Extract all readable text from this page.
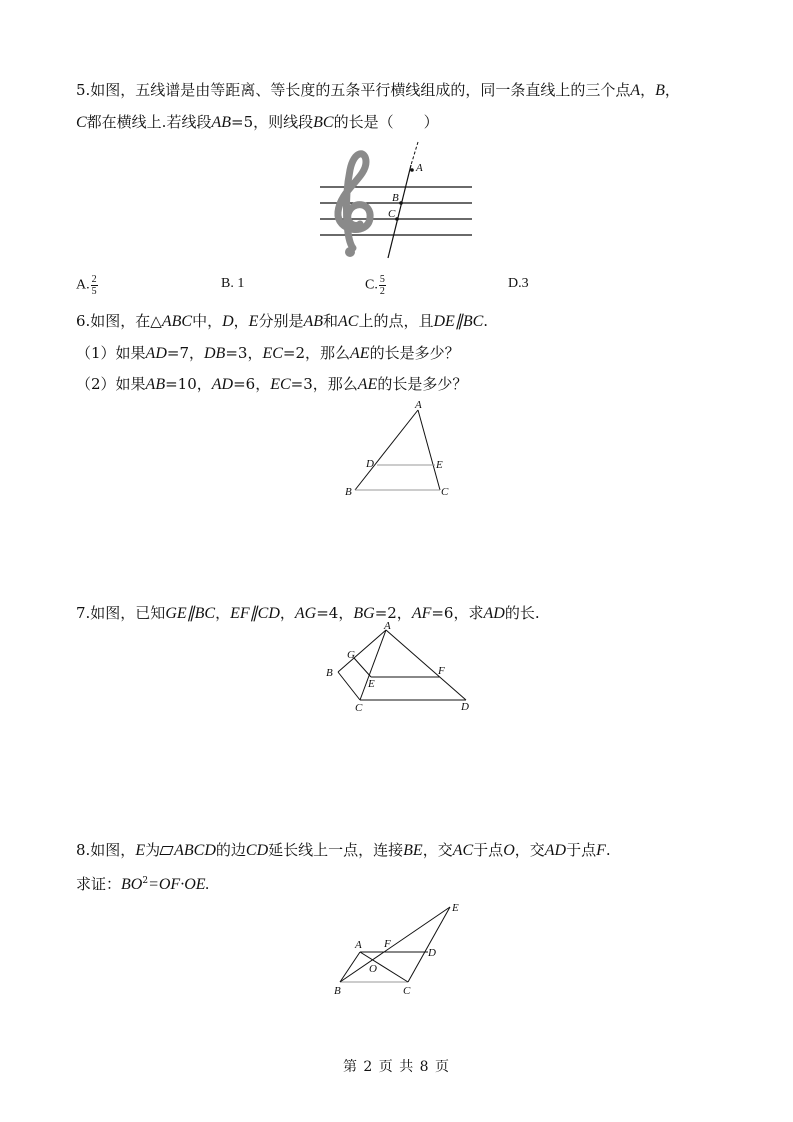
5.如图，五线谱是由等距离、等长度的五条平行横线组成的，同一条直线上的三个点A，B，
C都在横线上.若线段AB=5，则线段BC的长是（　　）
A
B
C
A. $\frac{2}{5}$	B. 1	C. $\frac{5}{2}$	D.3
6.如图，在△ABC中，D，E分别是AB和AC上的点，且DE∥BC.
（1）如果AD=7，DB=3，EC=2，那么AE的长是多少？
（2）如果AB=10，AD=6，EC=3，那么AE的长是多少？
A
D	E
B	C
7.如图，已知GE∥BC，EF∥CD，AG=4，BG=2，AF=6，求AD的长.
A
G
B
E
F
C	D
8.如图，E为 ABCD的边CD延长线上一点，连接BE，交AC于点O，交AD于点F.
求证：$BO^2=OF\cdot OE$.
E
A F
D
O
B	C
第 2 页 共 8 页
